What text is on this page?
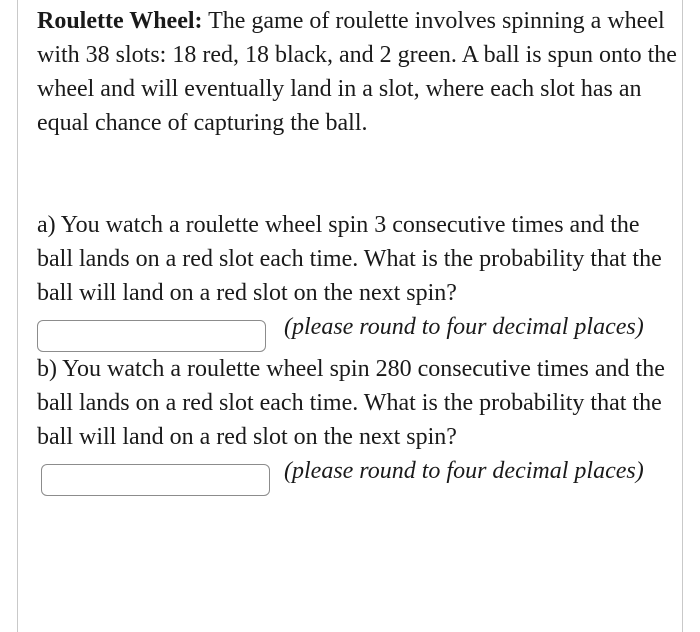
Roulette Wheel: The game of roulette involves spinning a wheel with 38 slots: 18 red, 18 black, and 2 green. A ball is spun onto the wheel and will eventually land in a slot, where each slot has an equal chance of capturing the ball.

a) You watch a roulette wheel spin 3 consecutive times and the ball lands on a red slot each time. What is the probability that the ball will land on a red slot on the next spin?  (please round to four decimal places)

b) You watch a roulette wheel spin 280 consecutive times and the ball lands on a red slot each time. What is the probability that the ball will land on a red slot on the next spin?  (please round to four decimal places)
